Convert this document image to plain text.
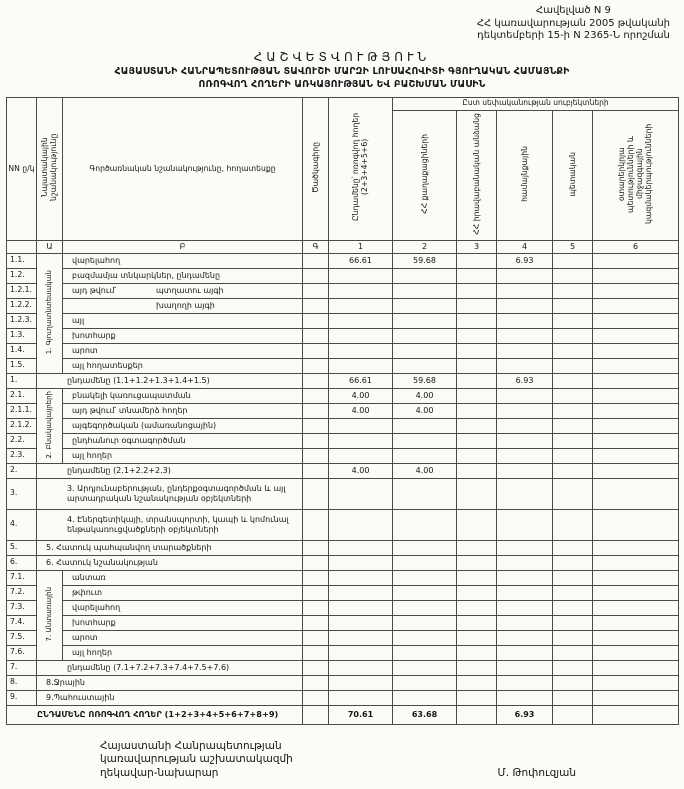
Հավելված N 9
ՀՀ կառավարության 2005 թվականի
դեկտեմբերի 15-ի N 2365-Ն որոշման
ՀԱՇՎԵՏՎՈՒԹՅՈՒՆ
ՀԱՅԱՍՏԱՆԻ ՀԱՆՐԱՊԵՏՈՒԹՅԱՆ ՏԱՎՈՒՇԻ ՄԱՐԶԻ ԼՈՒՍԱՀՈՎԻՏԻ ԳՅՈՒՂԱԿԱՆ ՀԱՄԱՅՆՔԻ
ՈՌՈԳՎՈՂ ՀՈՂԵՐԻ ԱՌԿԱՅՈՒԹՅԱՆ ԵՎ ԲԱՇԽՄԱՆ ՄԱՍԻՆ
NN ը/կ	Նպատակային նշանակությունը	Գործառնական նշանակությունը, հողատեսքը	Ծածկագիրը	Ընդամենը՝ ոռոգվող հողեր (2+3+4+5+6)	Ըստ սեփականության սուբյեկտների				
					ՀՀ քաղաքացիների	ՀՀ իրավաբանական անձանց	համայնքային	պետական	օտարերկրյա պետությունների և միջազգային կազմակերպությունների
	Ա	Բ	Գ	1	2	3	4	5	6
1.1.	1. Գյուղատնտեսական	վարելահող		66.61	59.68		6.93		
1.2.		բազմամյա տնկարկներ, ընդամենը							
1.2.1.		այդ թվում՝ պտղատու այգի							
1.2.2.		խաղողի այգի							
1.2.3.		այլ							
1.3.		խոտհարք							
1.4.		արոտ							
1.5.		այլ հողատեսքեր							
1.	ընդամենը (1.1+1.2+1.3+1.4+1.5)			66.61	59.68		6.93		
2.1.	2. Բնակավայրերի	բնակելի կառուցապատման		4.00	4.00				
2.1.1.		այդ թվում՝ տնամերձ հողեր		4.00	4.00				
2.1.2.		այգեգործական (ամառանոցային)							
2.2.		ընդհանուր օգտագործման							
2.3.		այլ հողեր							
2.	ընդամենը (2.1+2.2+2.3)			4.00	4.00				
3.	3. Արդյունաբերության, ընդերքօգտագործման և այլ արտադրական նշանակության օբյեկտների								
4.	4. Էներգետիկայի, տրանսպորտի, կապի և կոմունալ ենթակառուցվածքների օբյեկտների								
5.	5. Հատուկ պահպանվող տարածքների								
6.	6. Հատուկ նշանակության								
7.1.	7. Անտառային	անտառ							
7.2.		թփուտ							
7.3.		վարելահող							
7.4.		խոտհարք							
7.5.		արոտ							
7.6.		այլ հողեր							
7.	ընդամենը (7.1+7.2+7.3+7.4+7.5+7.6)								
8.	8.Ջրային								
9.	9.Պահուստային								
ԸՆԴԱՄԵՆԸ ՈՌՈԳՎՈՂ ՀՈՂԵՐ (1+2+3+4+5+6+7+8+9)				70.61	63.68		6.93		
Հայաստանի Հանրապետության
կառավարության աշխատակազմի
ղեկավար-նախարար	Մ. Թոփուզյան
